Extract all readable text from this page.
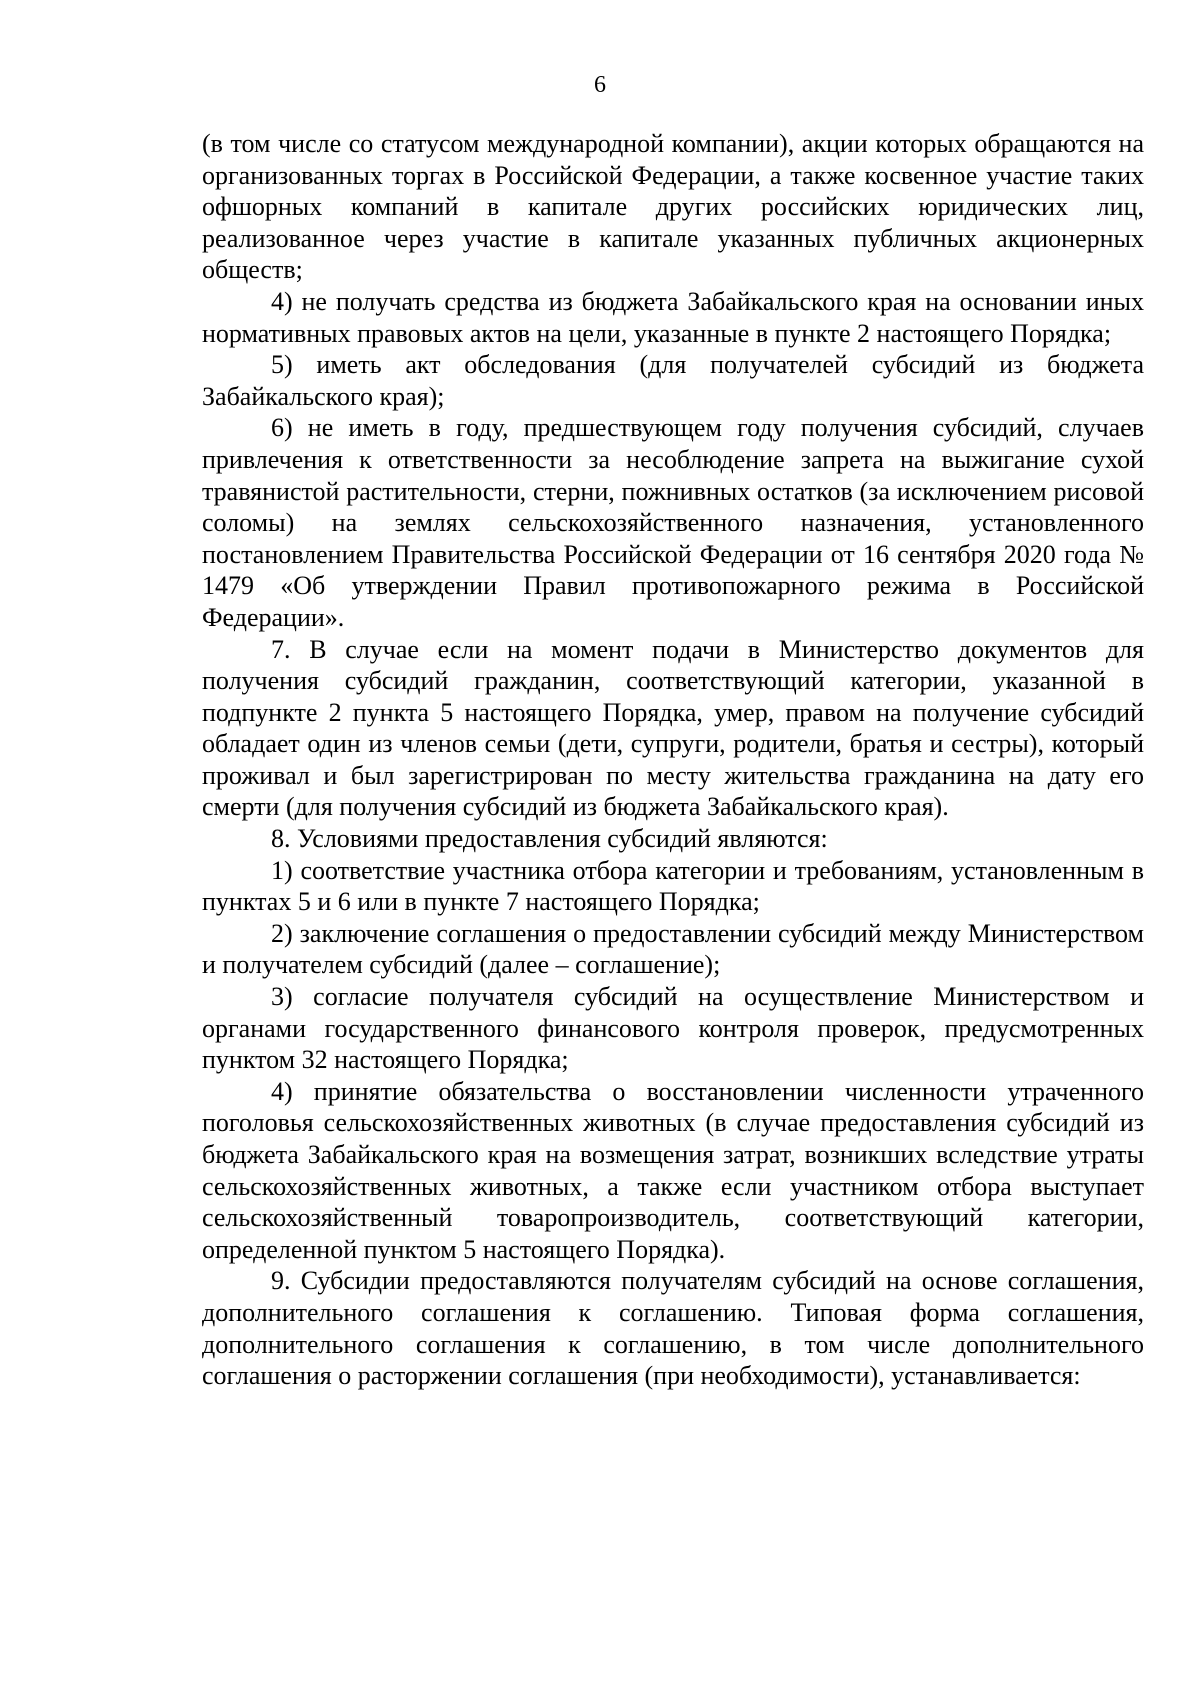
6

(в том числе со статусом международной компании), акции которых обращаются на организованных торгах в Российской Федерации, а также косвенное участие таких офшорных компаний в капитале других российских юридических лиц, реализованное через участие в капитале указанных публичных акционерных обществ;

4) не получать средства из бюджета Забайкальского края на основании иных нормативных правовых актов на цели, указанные в пункте 2 настоящего Порядка;

5) иметь акт обследования (для получателей субсидий из бюджета Забайкальского края);

6) не иметь в году, предшествующем году получения субсидий, случаев привлечения к ответственности за несоблюдение запрета на выжигание сухой травянистой растительности, стерни, пожнивных остатков (за исключением рисовой соломы) на землях сельскохозяйственного назначения, установленного постановлением Правительства Российской Федерации от 16 сентября 2020 года № 1479 «Об утверждении Правил противопожарного режима в Российской Федерации».

7. В случае если на момент подачи в Министерство документов для получения субсидий гражданин, соответствующий категории, указанной в подпункте 2 пункта 5 настоящего Порядка, умер, правом на получение субсидий обладает один из членов семьи (дети, супруги, родители, братья и сестры), который проживал и был зарегистрирован по месту жительства гражданина на дату его смерти (для получения субсидий из бюджета Забайкальского края).

8. Условиями предоставления субсидий являются:

1) соответствие участника отбора категории и требованиям, установленным в пунктах 5 и 6 или в пункте 7 настоящего Порядка;

2) заключение соглашения о предоставлении субсидий между Министерством и получателем субсидий (далее – соглашение);

3) согласие получателя субсидий на осуществление Министерством и органами государственного финансового контроля проверок, предусмотренных пунктом 32 настоящего Порядка;

4) принятие обязательства о восстановлении численности утраченного поголовья сельскохозяйственных животных (в случае предоставления субсидий из бюджета Забайкальского края на возмещения затрат, возникших вследствие утраты сельскохозяйственных животных, а также если участником отбора выступает сельскохозяйственный товаропроизводитель, соответствующий категории, определенной пунктом 5 настоящего Порядка).

9. Субсидии предоставляются получателям субсидий на основе соглашения, дополнительного соглашения к соглашению. Типовая форма соглашения, дополнительного соглашения к соглашению, в том числе дополнительного соглашения о расторжении соглашения (при необходимости), устанавливается:
